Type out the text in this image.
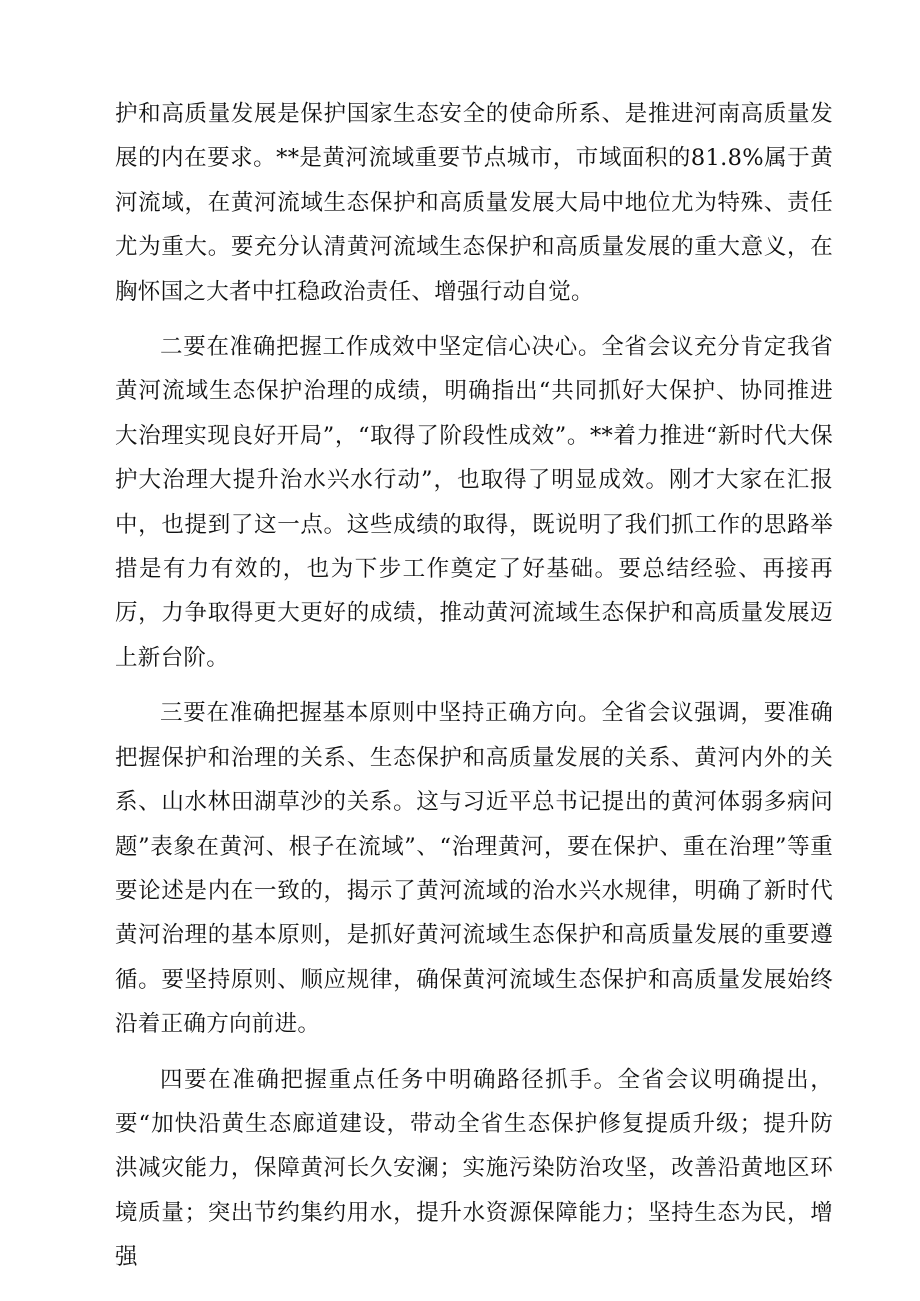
护和高质量发展是保护国家生态安全的使命所系、是推进河南高质量发展的内在要求。**是黄河流域重要节点城市，市域面积的81.8%属于黄河流域，在黄河流域生态保护和高质量发展大局中地位尤为特殊、责任尤为重大。要充分认清黄河流域生态保护和高质量发展的重大意义，在胸怀国之大者中扛稳政治责任、增强行动自觉。

二要在准确把握工作成效中坚定信心决心。全省会议充分肯定我省黄河流域生态保护治理的成绩，明确指出“共同抓好大保护、协同推进大治理实现良好开局”，“取得了阶段性成效”。**着力推进“新时代大保护大治理大提升治水兴水行动”，也取得了明显成效。刚才大家在汇报中，也提到了这一点。这些成绩的取得，既说明了我们抓工作的思路举措是有力有效的，也为下步工作奠定了好基础。要总结经验、再接再厉，力争取得更大更好的成绩，推动黄河流域生态保护和高质量发展迈上新台阶。

三要在准确把握基本原则中坚持正确方向。全省会议强调，要准确把握保护和治理的关系、生态保护和高质量发展的关系、黄河内外的关系、山水林田湖草沙的关系。这与习近平总书记提出的黄河体弱多病问题”表象在黄河、根子在流域”、“治理黄河，要在保护、重在治理”等重要论述是内在一致的，揭示了黄河流域的治水兴水规律，明确了新时代黄河治理的基本原则，是抓好黄河流域生态保护和高质量发展的重要遵循。要坚持原则、顺应规律，确保黄河流域生态保护和高质量发展始终沿着正确方向前进。

四要在准确把握重点任务中明确路径抓手。全省会议明确提出，要“加快沿黄生态廊道建设，带动全省生态保护修复提质升级；提升防洪减灾能力，保障黄河长久安澜；实施污染防治攻坚，改善沿黄地区环境质量；突出节约集约用水，提升水资源保障能力；坚持生态为民，增强
